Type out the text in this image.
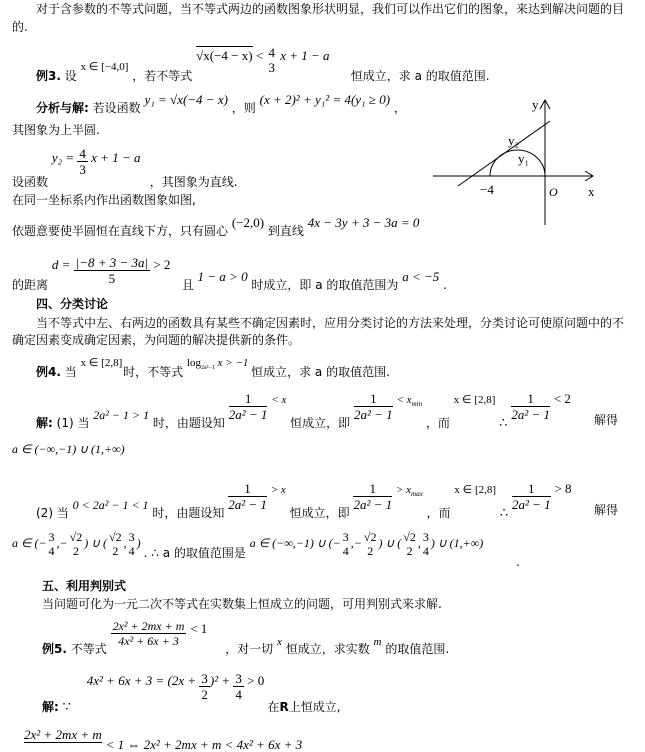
对于含参数的不等式问题，当不等式两边的函数图象形状明显，我们可以作出它们的图象，来达到解决问题的目
的.
例3. 设 x ∈ [−4,0] ，若不等式 √x(−4 − x) < 4
3
x + 1 − a 恒成立，求 a 的取值范围.
分析与解: 若设函数 y₁ = √x(−4 − x) ，则 (x + 2)² + y₁² = 4(y₁ ≥ 0) ，
其图象为上半圆.
设函数 $y_2 = \frac{4}{3}$ x + 1 − a ，其图象为直线.
在同一坐标系内作出函数图象如图,
依题意要使半圆恒在直线下方，只有圆心 (−2,0) 到直线 4x − 3y + 3 − 3a = 0
的距离 $d = \frac{|-8 + 3 - 3a|}{5} > 2$ 且 1 − a > 0 时成立，即 a 的取值范围为 a < −5 .
y
x
O
−4
y₁
y₂
四、分类讨论
当不等式中左、右两边的函数具有某些不确定因素时，应用分类讨论的方法来处理，分类讨论可使原问题中的不
确定因素变成确定因素，为问题的解决提供新的条件。
例4. 当 x ∈ [2,8] 时，不等式 $\log_{2a^2-1} x > -1$ 恒成立，求 a 的取值范围.
解: (1) 当 2a² − 1 > 1 时，由题设知
$\frac{1}{\text{2a² − 1}} < x$ 恒成立，即
$\frac{1}{\text{2a² − 1}} < x_{min}$ ，而 x ∈ [2,8] ∴
$\frac{1}{\text{2a² − 1}} < 2$
解得
a ∈ (−∞,−1) ∪ (1,+∞)
(2) 当 0 < 2a² − 1 < 1 时，由题设知
$\frac{1}{\text{2a² − 1}} > x$ 恒成立，即
$\frac{1}{\text{2a² − 1}} > x_{max}$ ，而 x ∈ [2,8] ∴
$\frac{1}{\text{2a² − 1}} > 8$
解得
a ∈ (− 3
4
,− √2
2
) ∪ ( √2
2
, 3
4
) . ∴ a 的取值范围是 a ∈ (−∞,−1) ∪ (− 3
4
,− √2
2
) ∪ ( √2
2
, 3
4
) ∪ (1,+∞)
.
五、利用判别式
当问题可化为一元二次不等式在实数集上恒成立的问题，可用判别式来求解.
例5. 不等式
$\frac{\text{2x² + 2mx + m}}{\text{4x² + 6x + 3}} < 1$ ，对一切 x 恒成立，求实数 m 的取值范围.
解: ∵ $4x^2 + 6x + 3 = (2x + \frac{3}{2} )^2 + \frac{3}{4} > 0$ 在R上恒成立,
2x² + 2mx + m < 1 ⇔ 2x² + 2mx + m < 4x² + 6x + 3
